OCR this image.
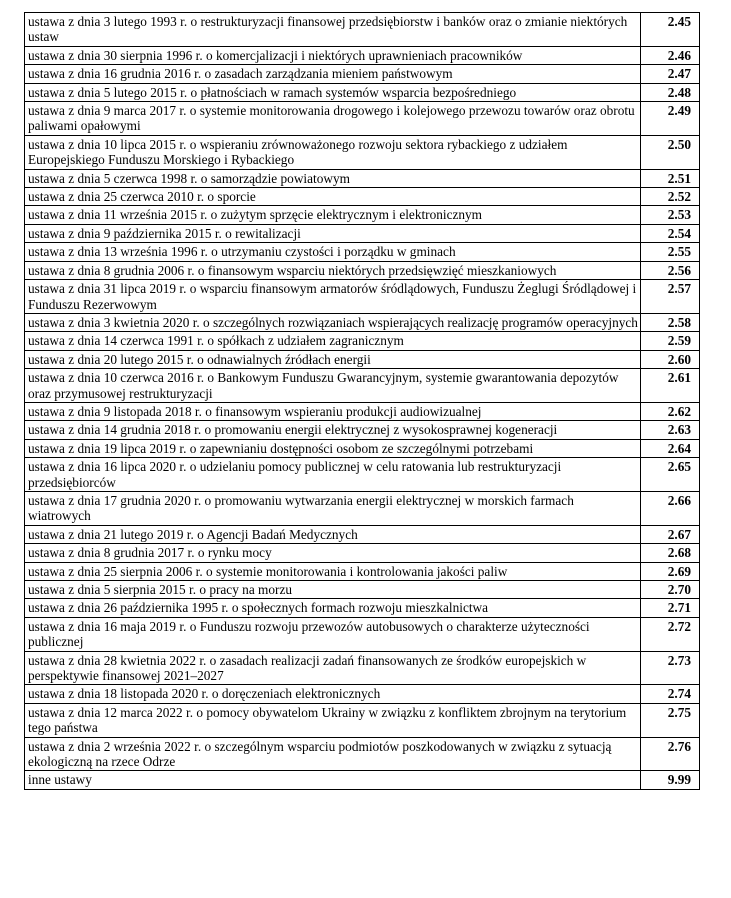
ustawa z dnia 3 lutego 1993 r. o restrukturyzacji finansowej przedsiębiorstw i banków oraz o zmianie niektórych ustaw	2.45
ustawa z dnia 30 sierpnia 1996 r. o komercjalizacji i niektórych uprawnieniach pracowników	2.46
ustawa z dnia 16 grudnia 2016 r. o zasadach zarządzania mieniem państwowym	2.47
ustawa z dnia 5 lutego 2015 r. o płatnościach w ramach systemów wsparcia bezpośredniego	2.48
ustawa z dnia 9 marca 2017 r. o systemie monitorowania drogowego i kolejowego przewozu towarów oraz obrotu paliwami opałowymi	2.49
ustawa z dnia 10 lipca 2015 r. o wspieraniu zrównoważonego rozwoju sektora rybackiego z udziałem Europejskiego Funduszu Morskiego i Rybackiego	2.50
ustawa z dnia 5 czerwca 1998 r. o samorządzie powiatowym	2.51
ustawa z dnia 25 czerwca 2010 r. o sporcie	2.52
ustawa z dnia 11 września 2015 r. o zużytym sprzęcie elektrycznym i elektronicznym	2.53
ustawa z dnia 9 października 2015 r. o rewitalizacji	2.54
ustawa z dnia 13 września 1996 r. o utrzymaniu czystości i porządku w gminach	2.55
ustawa z dnia 8 grudnia 2006 r. o finansowym wsparciu niektórych przedsięwzięć mieszkaniowych	2.56
ustawa z dnia 31 lipca 2019 r. o wsparciu finansowym armatorów śródlądowych, Funduszu Żeglugi Śródlądowej i Funduszu Rezerwowym	2.57
ustawa z dnia 3 kwietnia 2020 r. o szczególnych rozwiązaniach wspierających realizację programów operacyjnych	2.58
ustawa z dnia 14 czerwca 1991 r. o spółkach z udziałem zagranicznym	2.59
ustawa z dnia 20 lutego 2015 r. o odnawialnych źródłach energii	2.60
ustawa z dnia 10 czerwca 2016 r. o Bankowym Funduszu Gwarancyjnym, systemie gwarantowania depozytów oraz przymusowej restrukturyzacji	2.61
ustawa z dnia 9 listopada 2018 r. o finansowym wspieraniu produkcji audiowizualnej	2.62
ustawa z dnia 14 grudnia 2018 r. o promowaniu energii elektrycznej z wysokosprawnej kogeneracji	2.63
ustawa z dnia 19 lipca 2019 r. o zapewnianiu dostępności osobom ze szczególnymi potrzebami	2.64
ustawa z dnia 16 lipca 2020 r. o udzielaniu pomocy publicznej w celu ratowania lub restrukturyzacji przedsiębiorców	2.65
ustawa z dnia 17 grudnia 2020 r. o promowaniu wytwarzania energii elektrycznej w morskich farmach wiatrowych	2.66
ustawa z dnia 21 lutego 2019 r. o Agencji Badań Medycznych	2.67
ustawa z dnia 8 grudnia 2017 r. o rynku mocy	2.68
ustawa z dnia 25 sierpnia 2006 r. o systemie monitorowania i kontrolowania jakości paliw	2.69
ustawa z dnia 5 sierpnia 2015 r. o pracy na morzu	2.70
ustawa z dnia 26 października 1995 r. o społecznych formach rozwoju mieszkalnictwa	2.71
ustawa z dnia 16 maja 2019 r. o Funduszu rozwoju przewozów autobusowych o charakterze użyteczności publicznej	2.72
ustawa z dnia 28 kwietnia 2022 r. o zasadach realizacji zadań finansowanych ze środków europejskich w perspektywie finansowej 2021–2027	2.73
ustawa z dnia 18 listopada 2020 r. o doręczeniach elektronicznych	2.74
ustawa z dnia 12 marca 2022 r. o pomocy obywatelom Ukrainy w związku z konfliktem zbrojnym na terytorium tego państwa	2.75
ustawa z dnia 2 września 2022 r. o szczególnym wsparciu podmiotów poszkodowanych w związku z sytuacją ekologiczną na rzece Odrze	2.76
inne ustawy	9.99
